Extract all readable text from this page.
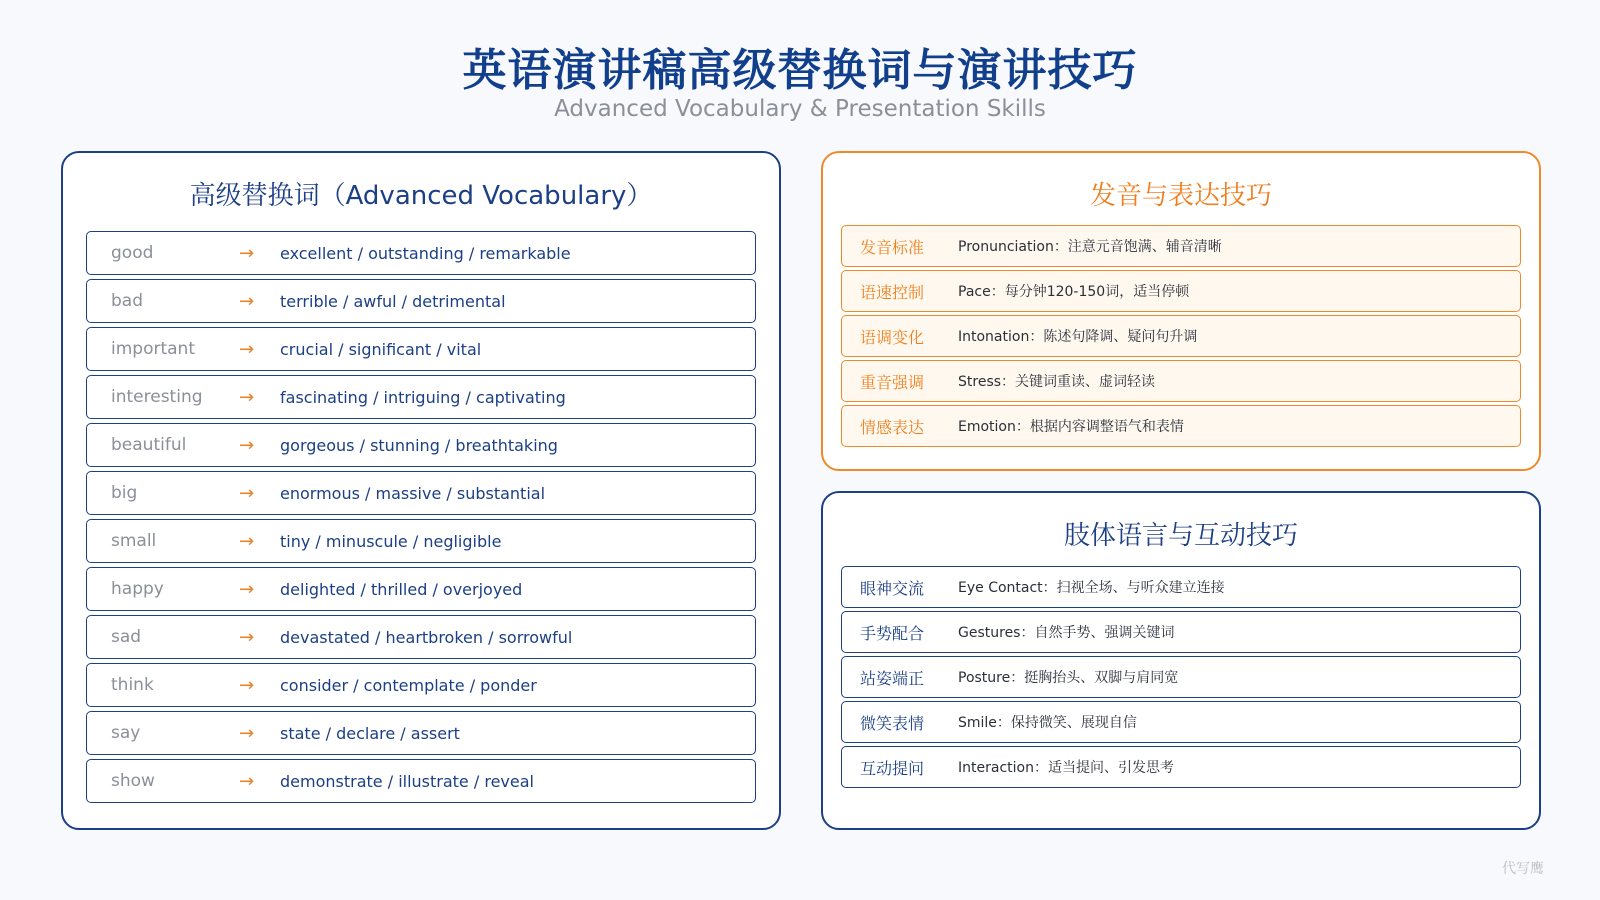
英语演讲稿高级替换词与演讲技巧
Advanced Vocabulary & Presentation Skills
高级替换词（Advanced Vocabulary）
good	→ excellent / outstanding / remarkable
bad	→ terrible / awful / detrimental
important → crucial / significant / vital
interesting → fascinating / intriguing / captivating
beautiful	→ gorgeous / stunning / breathtaking
big	→ enormous / massive / substantial
small	→ tiny / minuscule / negligible
happy	→ delighted / thrilled / overjoyed
sad	→ devastated / heartbroken / sorrowful
think	→ consider / contemplate / ponder
say	→ state / declare / assert
show	→ demonstrate / illustrate / reveal
发音与表达技巧
发音标准 Pronunciation：注意元音饱满、辅音清晰
语速控制 Pace：每分钟120-150词，适当停顿
语调变化 Intonation：陈述句降调、疑问句升调
重音强调 Stress：关键词重读、虚词轻读
情感表达 Emotion：根据内容调整语气和表情
肢体语言与互动技巧
眼神交流 Eye Contact：扫视全场、与听众建立连接
手势配合 Gestures：自然手势、强调关键词
站姿端正 Posture：挺胸抬头、双脚与肩同宽
微笑表情 Smile：保持微笑、展现自信
互动提问 Interaction：适当提问、引发思考
代写鹰
